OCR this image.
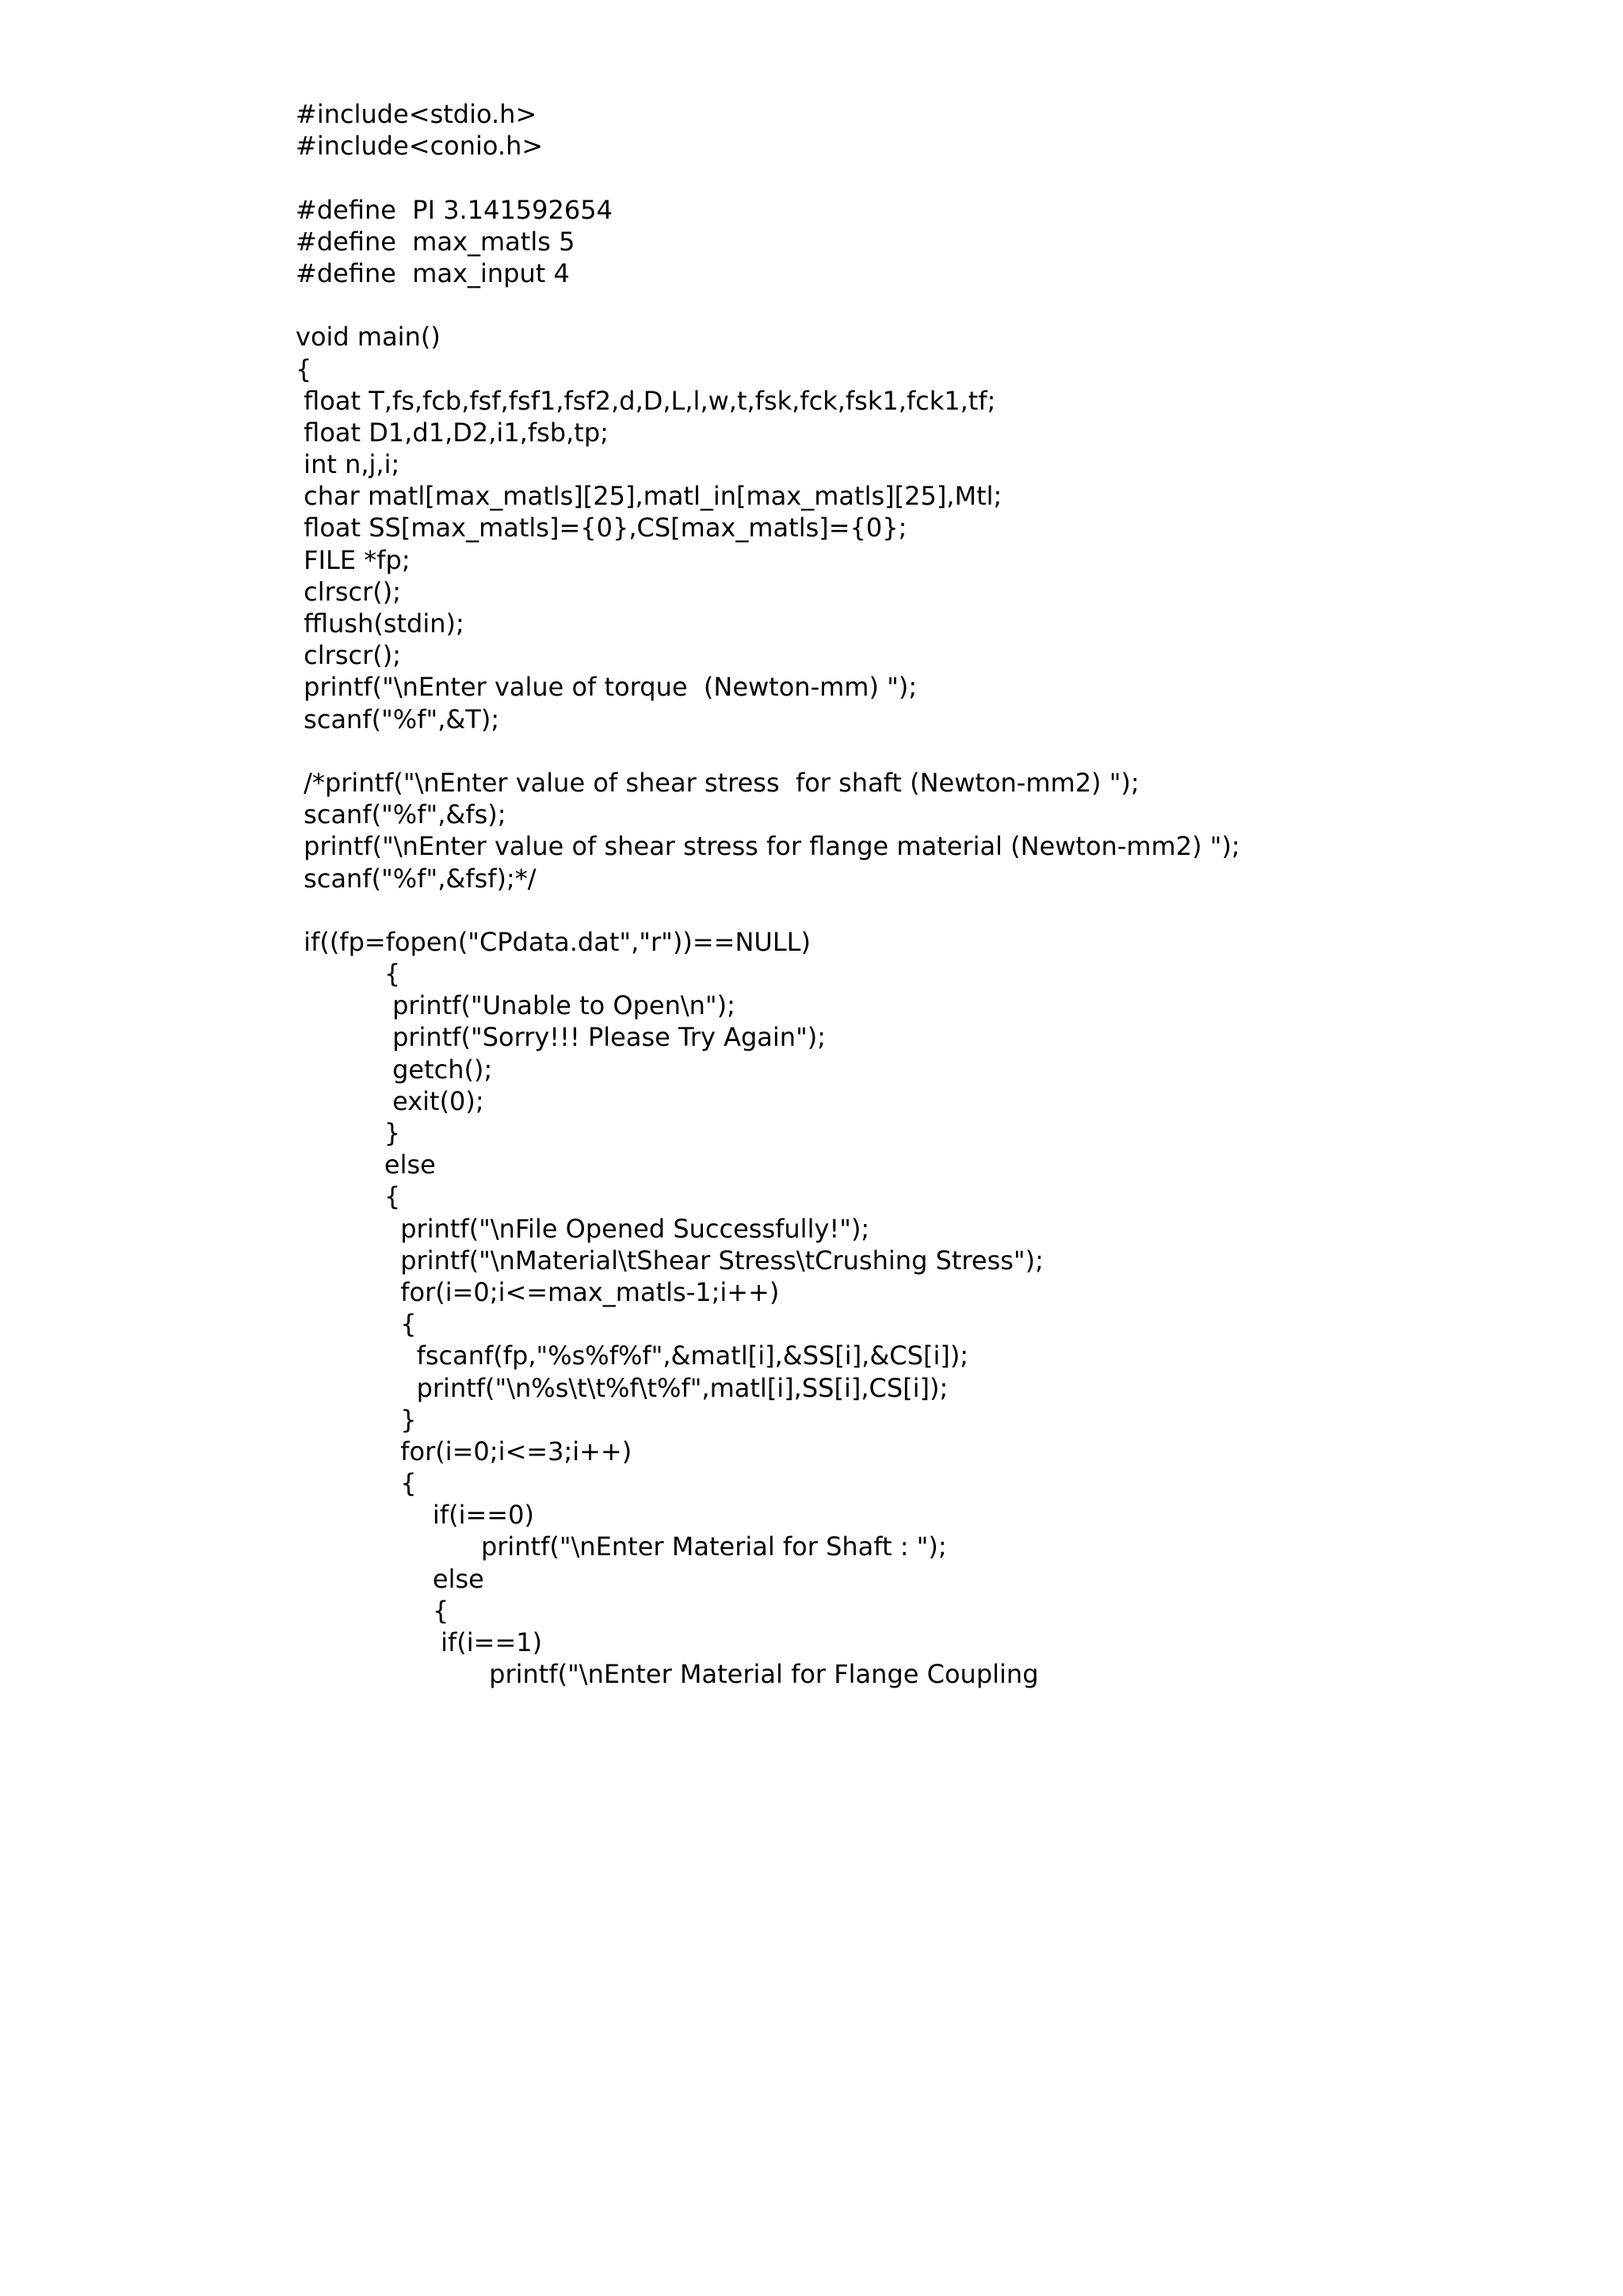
#include<stdio.h>
#include<conio.h>
#define  PI 3.141592654
#define  max_matls 5
#define  max_input 4
void main()
{
float T,fs,fcb,fsf,fsf1,fsf2,d,D,L,l,w,t,fsk,fck,fsk1,fck1,tf;
float D1,d1,D2,i1,fsb,tp;
int n,j,i;
char matl[max_matls][25],matl_in[max_matls][25],Mtl;
float SS[max_matls]={0},CS[max_matls]={0};
FILE *fp;
clrscr();
fflush(stdin);
clrscr();
printf("\nEnter value of torque  (Newton-mm) ");
scanf("%f",&T);
/*printf("\nEnter value of shear stress  for shaft (Newton-mm2) ");
scanf("%f",&fs);
printf("\nEnter value of shear stress for flange material (Newton-mm2) ");
scanf("%f",&fsf);*/
if((fp=fopen("CPdata.dat","r"))==NULL)
{
printf("Unable to Open\n");
printf("Sorry!!! Please Try Again");
getch();
exit(0);
}
else
{
printf("\nFile Opened Successfully!");
printf("\nMaterial\tShear Stress\tCrushing Stress");
for(i=0;i<=max_matls-1;i++)
{
fscanf(fp,"%s%f%f",&matl[i],&SS[i],&CS[i]);
printf("\n%s\t\t%f\t%f",matl[i],SS[i],CS[i]);
}
for(i=0;i<=3;i++)
{
if(i==0)
printf("\nEnter Material for Shaft : ");
else
{
if(i==1)
printf("\nEnter Material for Flange Coupling
